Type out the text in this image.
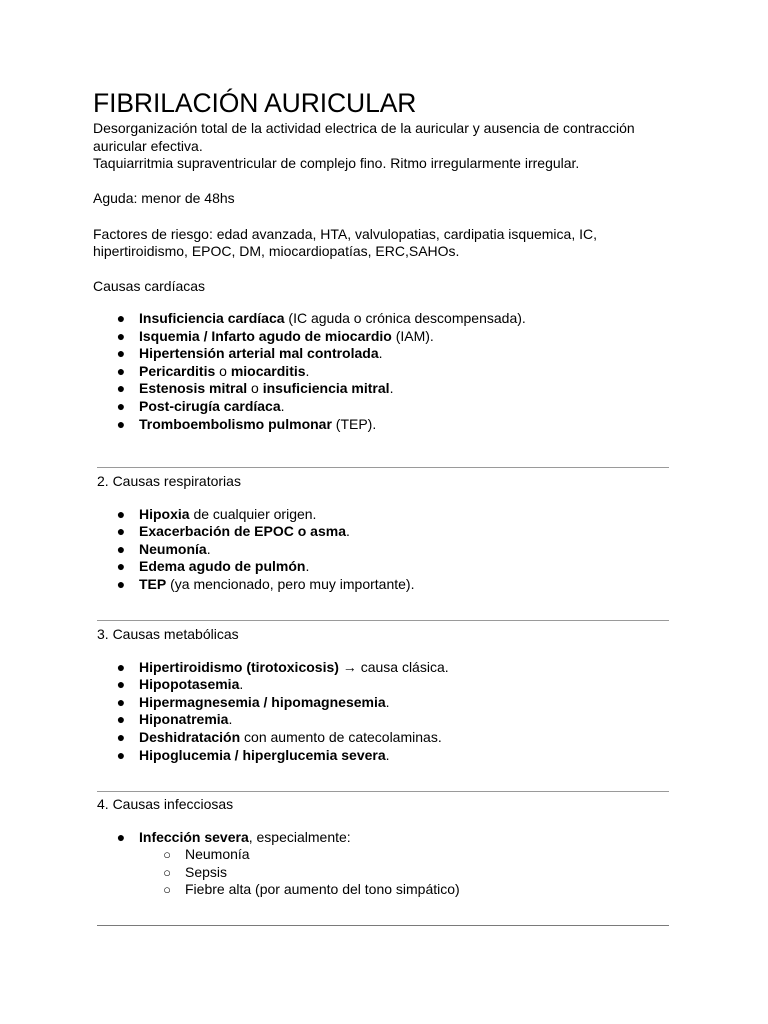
FIBRILACIÓN AURICULAR

Desorganización total de la actividad electrica de la auricular y ausencia de contracción auricular efectiva.

Taquiarritmia supraventricular de complejo fino. Ritmo irregularmente irregular.

Aguda: menor de 48hs

Factores de riesgo: edad avanzada, HTA, valvulopatias, cardipatia isquemica, IC, hipertiroidismo, EPOC, DM, miocardiopatías, ERC,SAHOs.

Causas cardíacas

● Insuficiencia cardíaca (IC aguda o crónica descompensada).
● Isquemia / Infarto agudo de miocardio (IAM).
● Hipertensión arterial mal controlada.
● Pericarditis o miocarditis.
● Estenosis mitral o insuficiencia mitral.
● Post-cirugía cardíaca.
● Tromboembolismo pulmonar (TEP).

2. Causas respiratorias

● Hipoxia de cualquier origen.
● Exacerbación de EPOC o asma.
● Neumonía.
● Edema agudo de pulmón.
● TEP (ya mencionado, pero muy importante).

3. Causas metabólicas

● Hipertiroidismo (tirotoxicosis) → causa clásica.
● Hipopotasemia.
● Hipermagnesemia / hipomagnesemia.
● Hiponatremia.
● Deshidratación con aumento de catecolaminas.
● Hipoglucemia / hiperglucemia severa.

4. Causas infecciosas

● Infección severa, especialmente:
○ Neumonía
○ Sepsis
○ Fiebre alta (por aumento del tono simpático)
